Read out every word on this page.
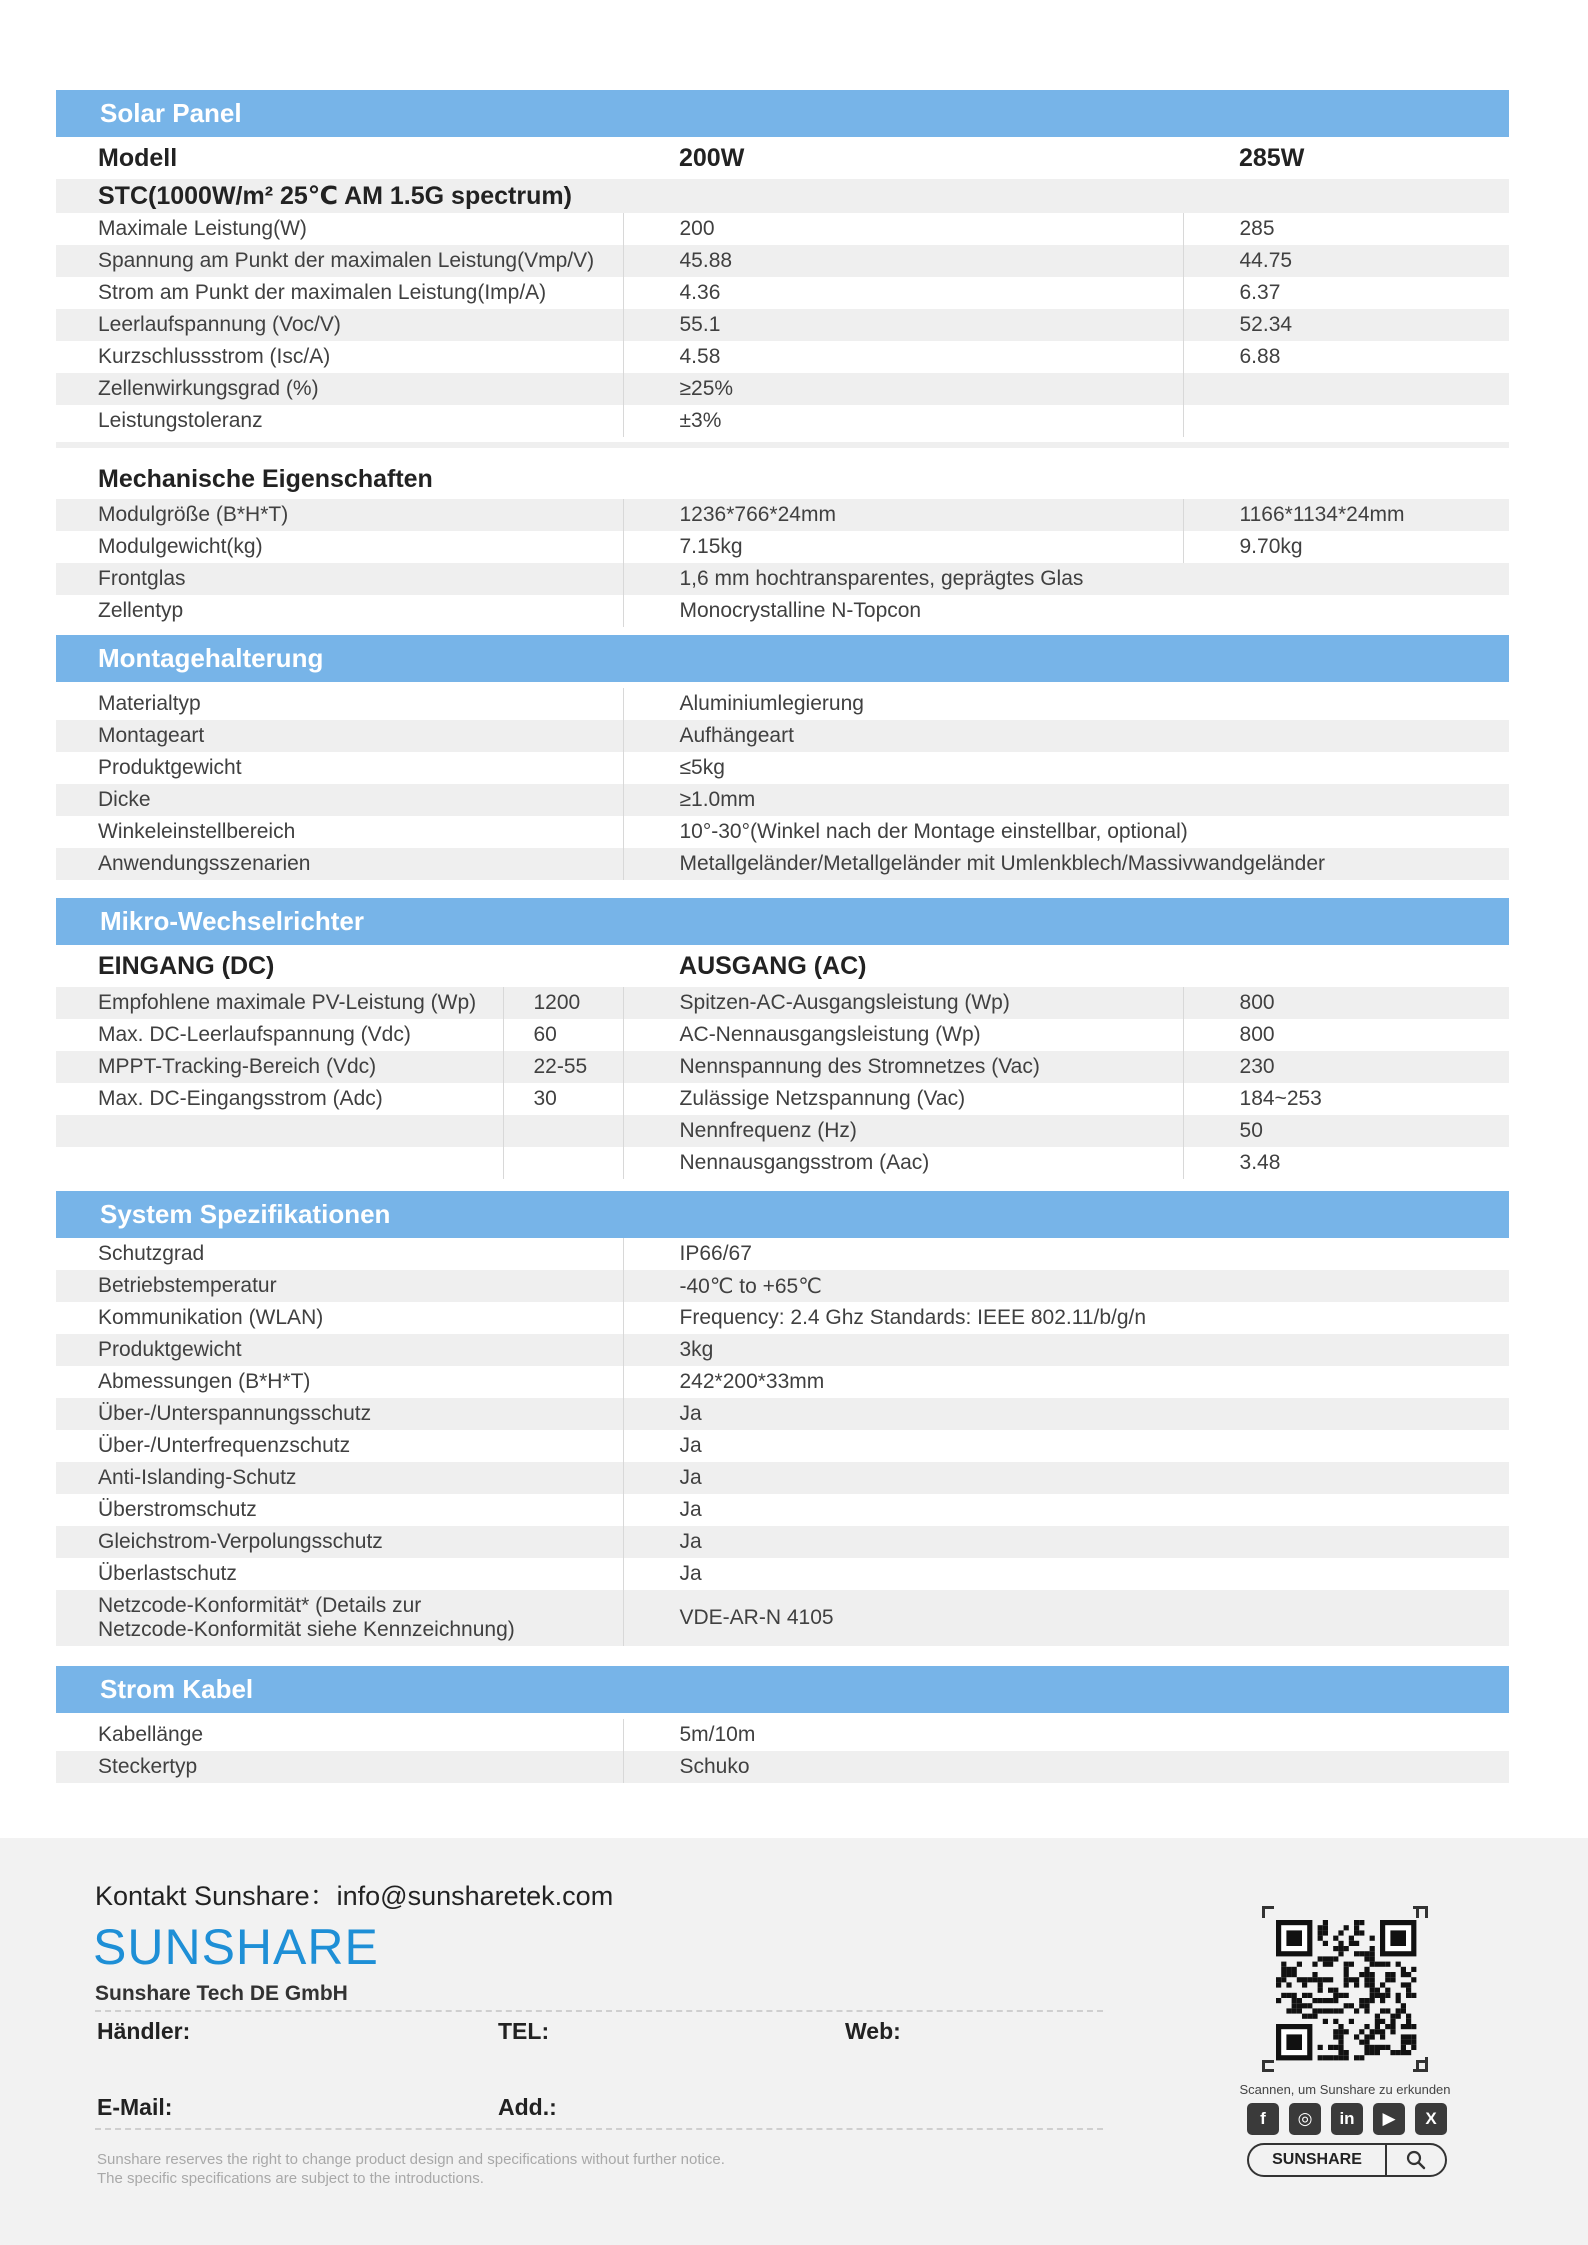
Solar Panel
Modell	200W	285W
STC(1000W/m² 25℃ AM 1.5G spectrum)		
Maximale Leistung(W)	200	285
Spannung am Punkt der maximalen Leistung(Vmp/V)	45.88	44.75
Strom am Punkt der maximalen Leistung(Imp/A)	4.36	6.37
Leerlaufspannung (Voc/V)	55.1	52.34
Kurzschlussstrom (Isc/A)	4.58	6.88
Zellenwirkungsgrad (%)	≥25%	
Leistungstoleranz	±3%	

Mechanische Eigenschaften		
Modulgröße (B*H*T)	1236*766*24mm	1166*1134*24mm
Modulgewicht(kg)	7.15kg	9.70kg
Frontglas	1,6 mm hochtransparentes, geprägtes Glas	
Zellentyp	Monocrystalline N-Topcon	
Montagehalterung
Materialtyp	Aluminiumlegierung
Montageart	Aufhängeart
Produktgewicht	≤5kg
Dicke	≥1.0mm
Winkeleinstellbereich	10°-30°(Winkel nach der Montage einstellbar, optional)
Anwendungsszenarien	Metallgeländer/Metallgeländer mit Umlenkblech/Massivwandgeländer
Mikro-Wechselrichter
EINGANG (DC)		AUSGANG (AC)	
Empfohlene maximale PV-Leistung (Wp)	1200	Spitzen-AC-Ausgangsleistung (Wp)	800
Max. DC-Leerlaufspannung (Vdc)	60	AC-Nennausgangsleistung (Wp)	800
MPPT-Tracking-Bereich (Vdc)	22-55	Nennspannung des Stromnetzes (Vac)	230
Max. DC-Eingangsstrom (Adc)	30	Zulässige Netzspannung (Vac)	184~253
		Nennfrequenz (Hz)	50
		Nennausgangsstrom (Aac)	3.48
System Spezifikationen
Schutzgrad	IP66/67
Betriebstemperatur	-40℃ to +65℃
Kommunikation (WLAN)	Frequency: 2.4 Ghz Standards: IEEE 802.11/b/g/n
Produktgewicht	3kg
Abmessungen (B*H*T)	242*200*33mm
Über-/Unterspannungsschutz	Ja
Über-/Unterfrequenzschutz	Ja
Anti-Islanding-Schutz	Ja
Überstromschutz	Ja
Gleichstrom-Verpolungsschutz	Ja
Überlastschutz	Ja
Netzcode-Konformität* (Details zur
Netzcode-Konformität siehe Kennzeichnung)	VDE-AR-N 4105
Strom Kabel
Kabellänge	5m/10m
Steckertyp	Schuko
Kontakt Sunshare：info@sunsharetek.com
SUNSHARE
Sunshare Tech DE GmbH
Händler:	TEL:	Web:
E-Mail:	Add.:
Sunshare reserves the right to change product design and specifications without further notice.
The specific specifications are subject to the introductions.
Scannen, um Sunshare zu erkunden
f	◎	in	▶	X
SUNSHARE
